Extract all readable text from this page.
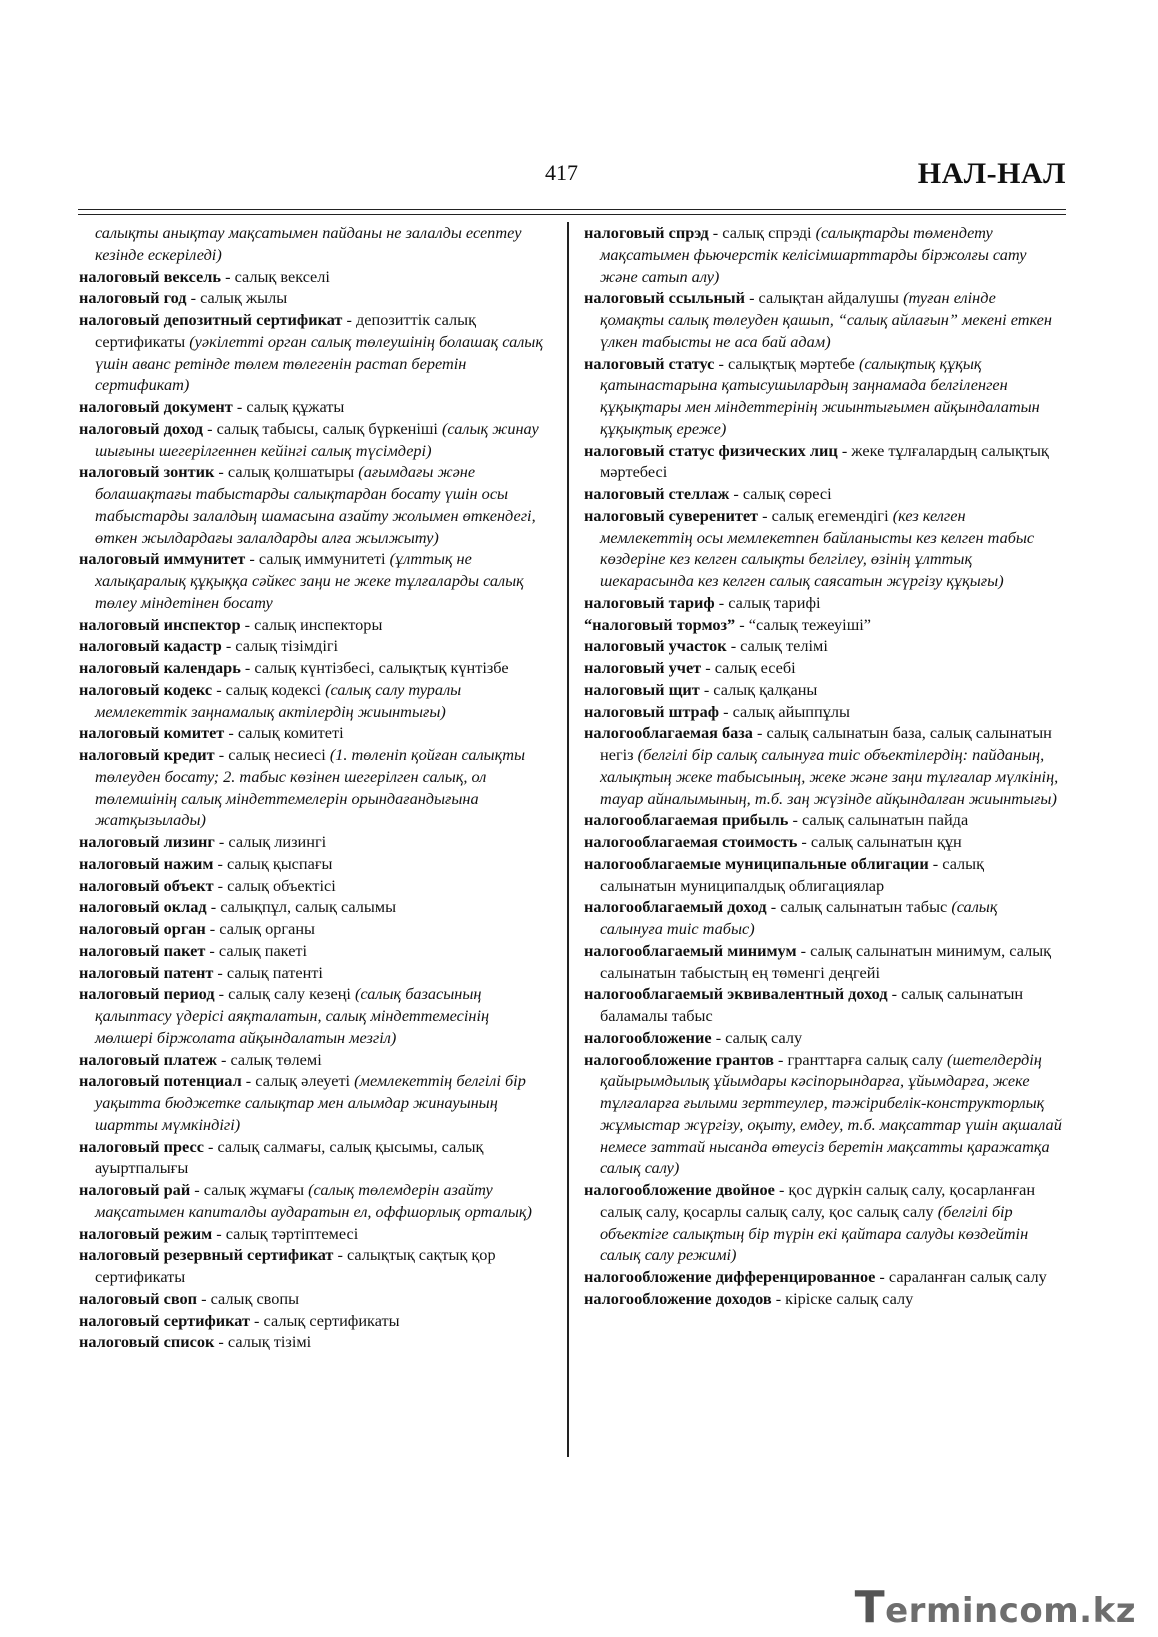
417	НАЛ-НАЛ

салықты анықтау мақсатымен пайданы не залалды есептеу кезінде ескеріледі)

налоговый вексель - салық вексeлі

налоговый год - салық жылы

налоговый депозитный сертификат - депозиттік салық сертификаты (уәкілетті орган салық төлеушінің болашақ салық үшін аванс ретінде төлем төлегенін растап беретін сертификат)

налоговый документ - салық құжаты

налоговый доход - салық табысы, салық бүркеніші (салық жинау шығыны шегерілгеннен кейінгі салық түсімдері)

налоговый зонтик - салық қолшатыры (ағымдағы және болашақтағы табыстарды салықтардан босату үшін осы табыстарды залалдың шамасына азайту жолымен өткендегі, өткен жылдардағы залалдарды алға жылжыту)

налоговый иммунитет - салық иммунитеті (ұлттық не халықаралық құқыққа сәйкес заңи не жеке тұлғаларды салық төлеу міндетінен босату

налоговый инспектор - салық инспекторы

налоговый кадастр - салық тізімдігі

налоговый календарь - салық күнтізбесі, салықтық күнтізбе

налоговый кодекс - салық кодексі (салық салу туралы мемлекеттік заңнамалық актілердің жиынтығы)

налоговый комитет - салық комитеті

налоговый кредит - салық несиесі (1. төленіп қойған салықты төлеуден босату; 2. табыс көзінен шегерілген салық, ол төлемшінің салық міндеттемелерін орындағандығына жатқызылады)

налоговый лизинг - салық лизингі

налоговый нажим - салық қыспағы

налоговый объект - салық объектісі

налоговый оклад - салықпұл, салық салымы

налоговый орган - салық органы

налоговый пакет - салық пакеті

налоговый патент - салық патенті

налоговый период - салық салу кезеңі (салық базасының қалыптасу үдерісі аяқталатын, салық міндеттемесінің мөлшері біржолата айқындалатын мезгіл)

налоговый платеж - салық төлемі

налоговый потенциал - салық әлеуеті (мемлекеттің белгілі бір уақытта бюджетке салықтар мен алымдар жинауының шартты мүмкіндігі)

налоговый пресс - салық салмағы, салық қысымы, салық ауыртпалығы

налоговый рай - салық жұмағы (салық төлемдерін азайту мақсатымен капиталды аударатын ел, оффшорлық орталық)

налоговый режим - салық тәртіптемесі

налоговый резервный сертификат - салықтық сақтық қор сертификаты

налоговый своп - салық свопы

налоговый сертификат - салық сертификаты

налоговый список - салық тізімі

налоговый спрэд - салық спрэді (салықтарды төмендету мақсатымен фьючерстік келісімшарттарды біржолғы сату және сатып алу)

налоговый ссыльный - салықтан айдалушы (туған елінде қомақты салық төлеуден қашып, “салық айлағын” мекені еткен үлкен табысты не аса бай адам)

налоговый статус - салықтық мәртебе (салықтық құқық қатынастарына қатысушылардың заңнамада белгіленген құқықтары мен міндеттерінің жиынтығымен айқындалатын құқықтық ереже)

налоговый статус физических лиц - жеке тұлғалардың салықтық мәртебесі

налоговый стеллаж - салық сөресі

налоговый суверенитет - салық егемендігі (кез келген мемлекеттің осы мемлекетпен байланысты кез келген табыс көздеріне кез келген салықты белгілеу, өзінің ұлттық шекарасында кез келген салық саясатын жүргізу құқығы)

налоговый тариф - салық тарифі

“налоговый тормоз” - “салық тежеуіші”

налоговый участок - салық телімі

налоговый учет - салық есебі

налоговый щит - салық қалқаны

налоговый штраф - салық айыппұлы

налогооблагаемая база - салық салынатын база, салық салынатын негіз (белгілі бір салық салынуға тиіс объектілердің: пайданың, халықтың жеке табысының, жеке және заңи тұлғалар мүлкінің, тауар айналымының, т.б. заң жүзінде айқындалған жиынтығы)

налогооблагаемая прибыль - салық салынатын пайда

налогооблагаемая стоимость - салық салынатын құн

налогооблагаемые муниципальные облигации - салық салынатын муниципалдық облигациялар

налогооблагаемый доход - салық салынатын табыс (салық салынуға тиіс табыс)

налогооблагаемый минимум - салық салынатын минимум, салық салынатын табыстың ең төменгі деңгейі

налогооблагаемый эквивалентный доход - салық салынатын баламалы табыс

налогообложение - салық салу

налогообложение грантов - гранттарға салық салу (шетелдердің қайырымдылық ұйымдары кәсіпорындарға, ұйымдарға, жеке тұлғаларға ғылыми зерттеулер, тәжірибелік-конструкторлық жұмыстар жүргізу, оқыту, емдеу, т.б. мақсаттар үшін ақшалай немесе заттай нысанда өтеусіз беретін мақсатты қаражатқа салық салу)

налогообложение двойное - қос дүркін салық салу, қосарланған салық салу, қосарлы салық салу, қос салық салу (белгілі бір объектіге салықтың бір түрін екі қайтара салуды көздейтін салық салу режимі)

налогообложение дифференцированное - сараланған салық салу

налогообложение доходов - кіріске салық салу

Termincom.kz
